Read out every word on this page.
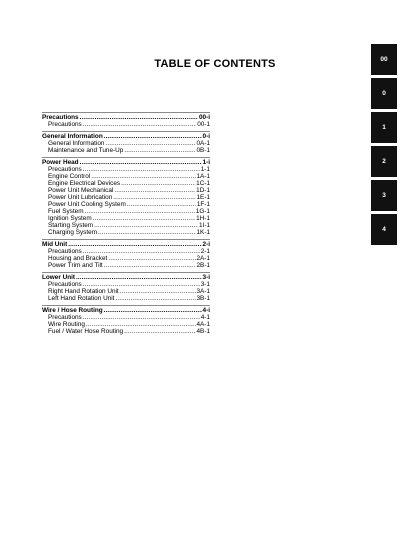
TABLE OF CONTENTS
Precautions .....	00-i
Precautions .....	00-1
General Information .....	0-i
General Information .....	0A-1
Maintenance and Tune-Up .....	0B-1
Power Head .....	1-i
Precautions .....	1-1
Engine Control .....	1A-1
Engine Electrical Devices .....	1C-1
Power Unit Mechanical .....	1D-1
Power Unit Lubrication .....	1E-1
Power Unit Cooling System .....	1F-1
Fuel System .....	1G-1
Ignition System .....	1H-1
Starting System .....	1I-1
Charging System .....	1K-1
Mid Unit .....	2-i
Precautions .....	2-1
Housing and Bracket .....	2A-1
Power Trim and Tilt .....	2B-1
Lower Unit .....	3-i
Precautions .....	3-1
Right Hand Rotation Unit .....	3A-1
Left Hand Rotation Unit .....	3B-1
Wire / Hose Routing .....	4-i
Precautions .....	4-1
Wire Routing .....	4A-1
Fuel / Water Hose Routing .....	4B-1
00
0
1
2
3
4
